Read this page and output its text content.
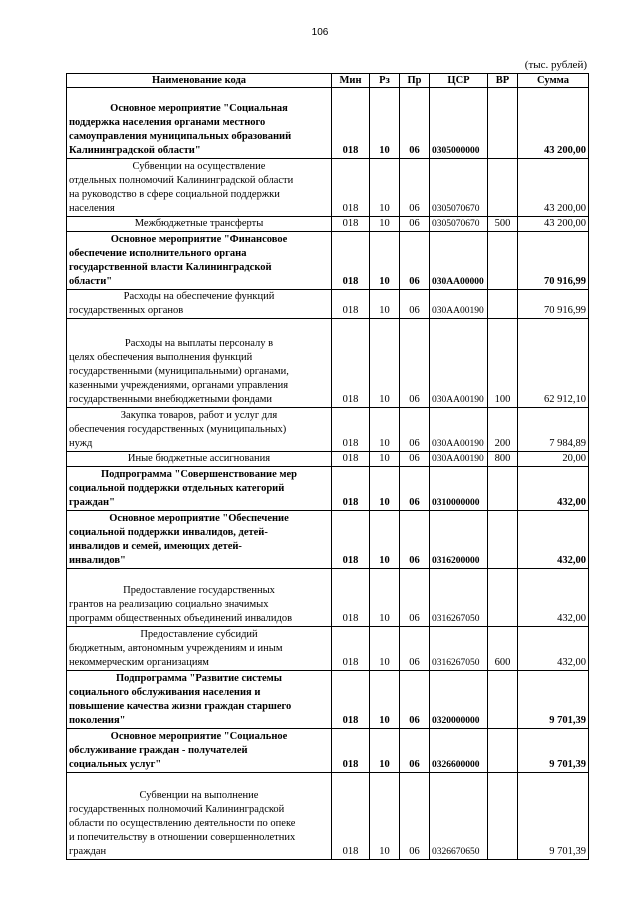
106
(тыс. рублей)
Наименование кода	Мин	Рз	Пр	ЦСР	ВР	Сумма

Основное мероприятие "Социальная
поддержка населения органами местного
самоуправления муниципальных образований
Калининградской области"	018	10	06	0305000000		43 200,00

Субвенции на осуществление
отдельных полномочий Калининградской области
на руководство в сфере социальной поддержки
населения	018	10	06	0305070670		43 200,00

Межбюджетные трансферты	018	10	06	0305070670	500	43 200,00

Основное мероприятие "Финансовое
обеспечение исполнительного органа
государственной власти Калининградской
области"	018	10	06	030АА00000		70 916,99

Расходы на обеспечение функций
государственных органов	018	10	06	030АА00190		70 916,99

Расходы на выплаты персоналу в
целях обеспечения выполнения функций
государственными (муниципальными) органами,
казенными учреждениями, органами управления
государственными внебюджетными фондами	018	10	06	030АА00190	100	62 912,10

Закупка товаров, работ и услуг для
обеспечения государственных (муниципальных)
нужд	018	10	06	030АА00190	200	7 984,89

Иные бюджетные ассигнования	018	10	06	030АА00190	800	20,00

Подпрограмма "Совершенствование мер
социальной поддержки отдельных категорий
граждан"	018	10	06	0310000000		432,00

Основное мероприятие "Обеспечение
социальной поддержки инвалидов, детей-
инвалидов и семей, имеющих детей-
инвалидов"	018	10	06	0316200000		432,00

Предоставление государственных
грантов на реализацию социально значимых
программ общественных объединений инвалидов	018	10	06	0316267050		432,00

Предоставление субсидий
бюджетным, автономным учреждениям и иным
некоммерческим организациям	018	10	06	0316267050	600	432,00

Подпрограмма "Развитие системы
социального обслуживания населения и
повышение качества жизни граждан старшего
поколения"	018	10	06	0320000000		9 701,39

Основное мероприятие "Социальное
обслуживание граждан - получателей
социальных услуг"	018	10	06	0326600000		9 701,39

Субвенции на выполнение
государственных полномочий Калининградской
области по осуществлению деятельности по опеке
и попечительству в отношении совершеннолетних
граждан	018	10	06	0326670650		9 701,39
